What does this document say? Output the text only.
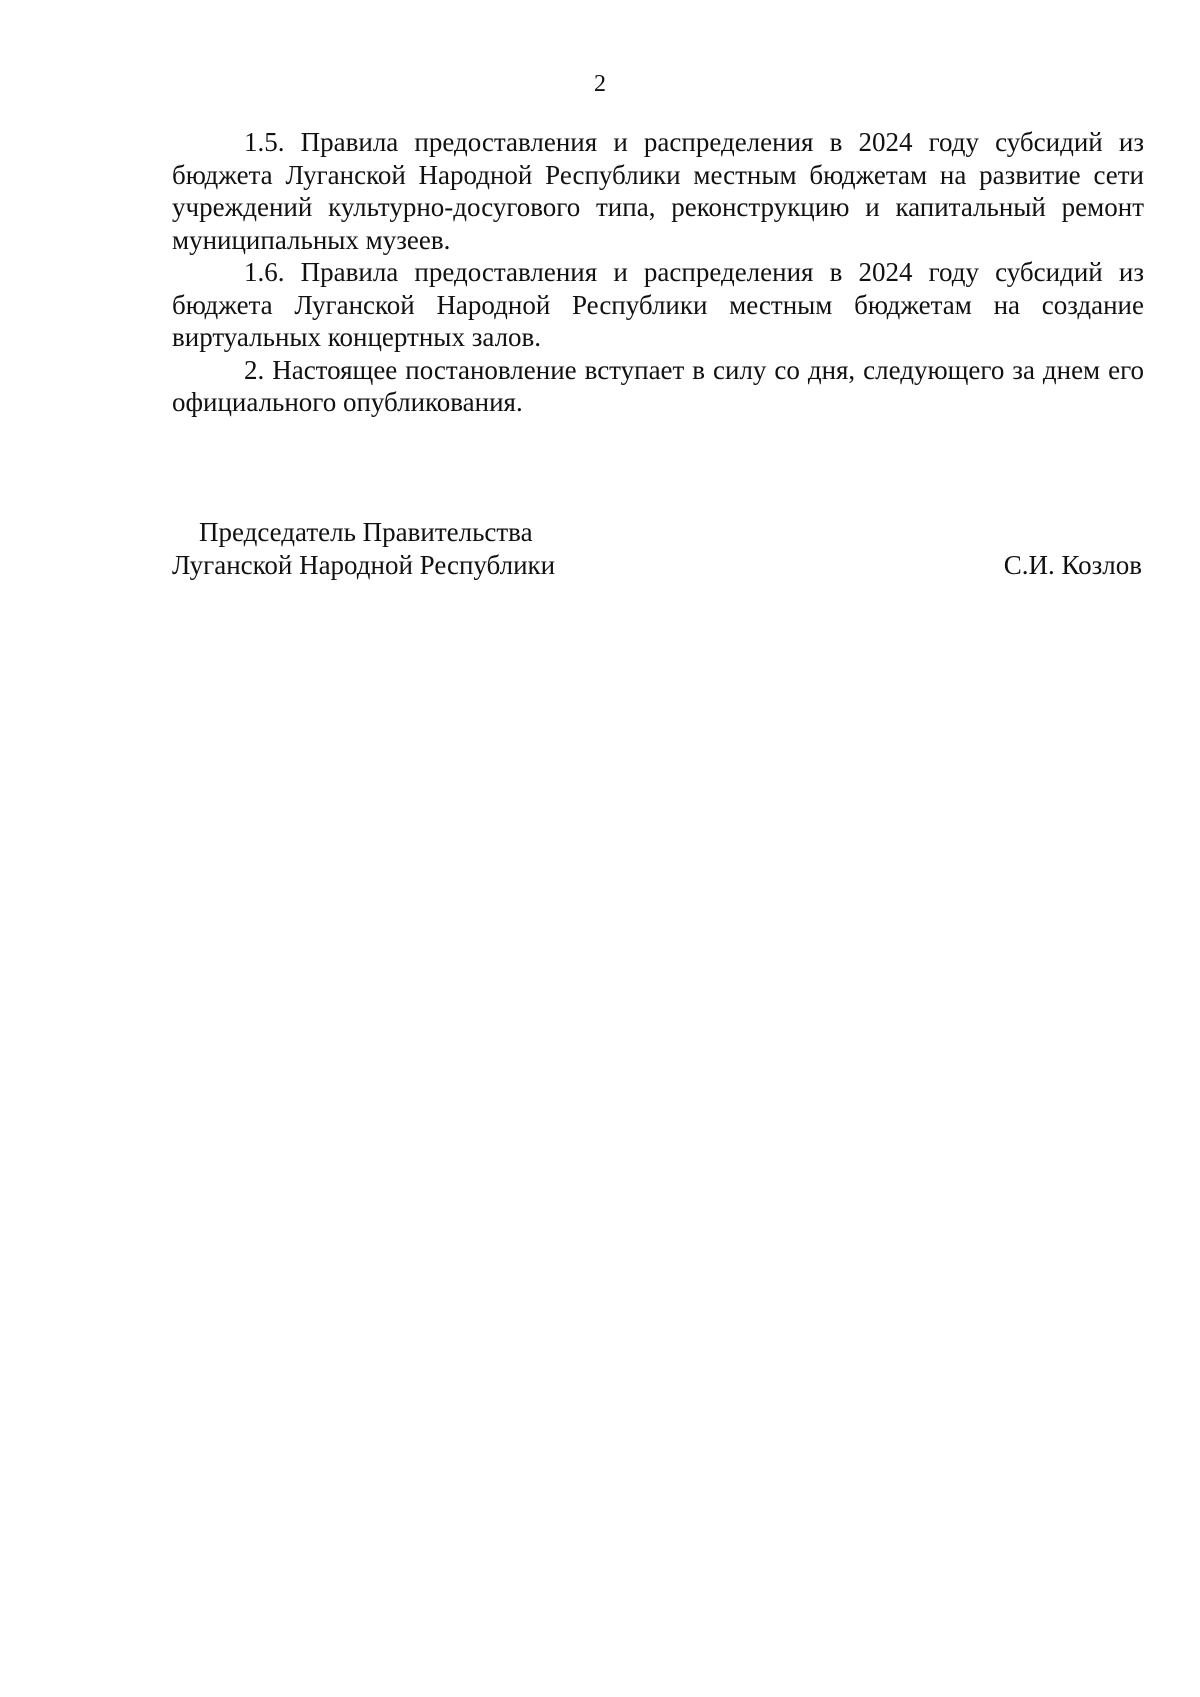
2

1.5. Правила предоставления и распределения в 2024 году субсидий из бюджета Луганской Народной Республики местным бюджетам на развитие сети учреждений культурно-досугового типа, реконструкцию и капитальный ремонт муниципальных музеев.

1.6. Правила предоставления и распределения в 2024 году субсидий из бюджета Луганской Народной Республики местным бюджетам на создание виртуальных концертных залов.

2. Настоящее постановление вступает в силу со дня, следующего за днем его официального опубликования.

Председатель Правительства
Луганской Народной Республики	С.И. Козлов
